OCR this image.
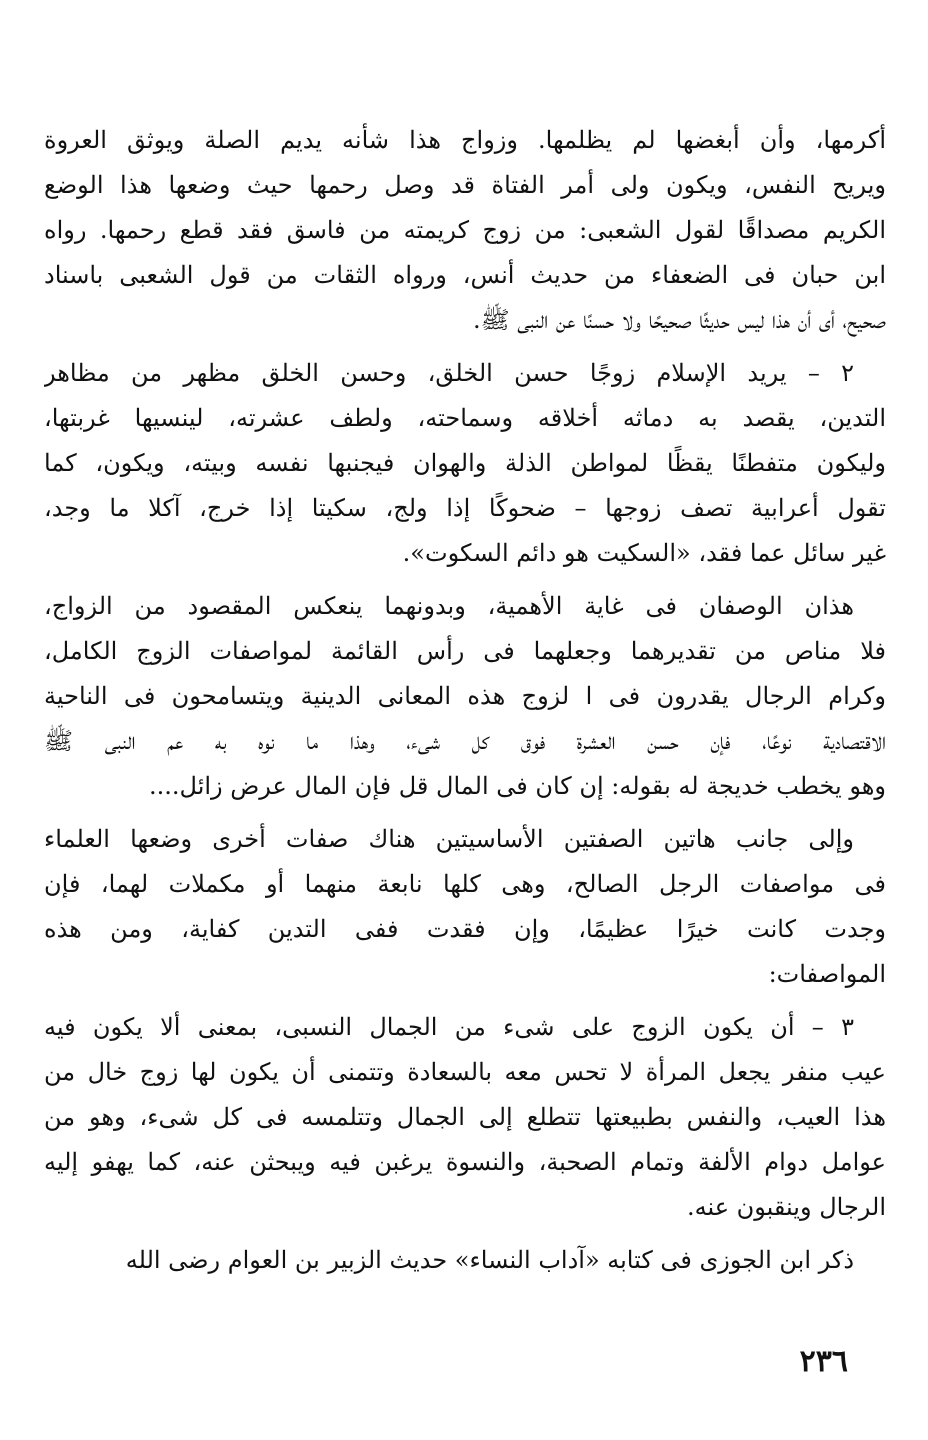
أكرمها، وأن أبغضها لم يظلمها. وزواج هذا شأنه يديم الصلة ويوثق العروة
ويريح النفس، ويكون ولى أمر الفتاة قد وصل رحمها حيث وضعها هذا الوضع
الكريم مصداقًا لقول الشعبى: من زوج كريمته من فاسق فقد قطع رحمها. رواه
ابن حبان فى الضعفاء من حديث أنس، ورواه الثقات من قول الشعبى باسناد
صحيح، أى أن هذا ليس حديثًا صحيحًا ولا حسنًا عن النبى ﷺ.

٢ – يريد الإسلام زوجًا حسن الخلق، وحسن الخلق مظهر من مظاهر
التدين، يقصد به دماثه أخلاقه وسماحته، ولطف عشرته، لينسيها غربتها،
وليكون متفطنًا يقظًا لمواطن الذلة والهوان فيجنبها نفسه وبيته، ويكون، كما
تقول أعرابية تصف زوجها – ضحوكًا إذا ولج، سكيتا إذا خرج، آكلا ما وجد،
غير سائل عما فقد، «السكيت هو دائم السكوت».

هذان الوصفان فى غاية الأهمية، وبدونهما ينعكس المقصود من الزواج،
فلا مناص من تقديرهما وجعلهما فى رأس القائمة لمواصفات الزوج الكامل،
وكرام الرجال يقدرون فى ا لزوج هذه المعانى الدينية ويتسامحون فى الناحية
الاقتصادية نوعًا، فإن حسن العشرة فوق كل شىء، وهذا ما نوه به عم النبى ﷺ
وهو يخطب خديجة له بقوله: إن كان فى المال قل فإن المال عرض زائل....

وإلى جانب هاتين الصفتين الأساسيتين هناك صفات أخرى وضعها العلماء
فى مواصفات الرجل الصالح، وهى كلها نابعة منهما أو مكملات لهما، فإن
وجدت كانت خيرًا عظيمًا، وإن فقدت ففى التدين كفاية، ومن هذه
المواصفات:

٣ – أن يكون الزوج على شىء من الجمال النسبى، بمعنى ألا يكون فيه
عيب منفر يجعل المرأة لا تحس معه بالسعادة وتتمنى أن يكون لها زوج خال من
هذا العيب، والنفس بطبيعتها تتطلع إلى الجمال وتتلمسه فى كل شىء، وهو من
عوامل دوام الألفة وتمام الصحبة، والنسوة يرغبن فيه ويبحثن عنه، كما يهفو إليه
الرجال وينقبون عنه.

ذكر ابن الجوزى فى كتابه «آداب النساء» حديث الزبير بن العوام رضى الله

٢٣٦
